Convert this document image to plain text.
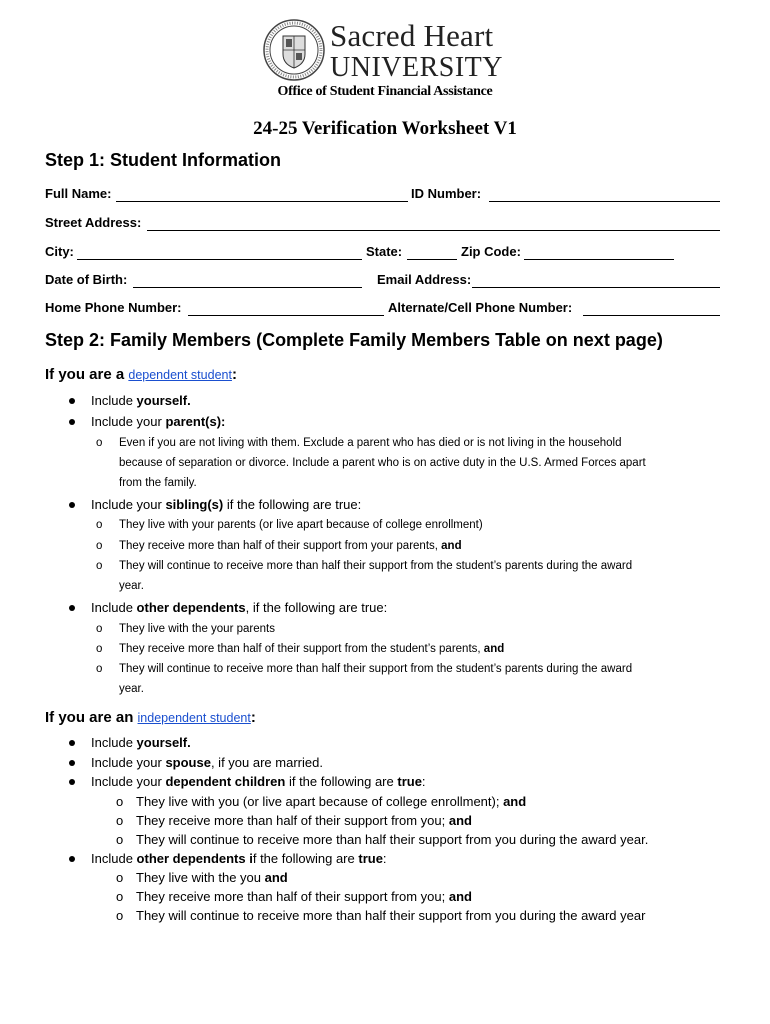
Sacred Heart
UNIVERSITY
Office of Student Financial Assistance
24-25 Verification Worksheet V1
Step 1: Student Information
Full Name:	ID Number:
Street Address:
City:	State:	Zip Code:
Date of Birth:	Email Address:
Home Phone Number:	Alternate/Cell Phone Number:
Step 2: Family Members (Complete Family Members Table on next page)
If you are a dependent student:
Include yourself.
Include your parent(s):
o Even if you are not living with them. Exclude a parent who has died or is not living in the household
because of separation or divorce. Include a parent who is on active duty in the U.S. Armed Forces apart
from the family.
Include your sibling(s) if the following are true:
o They live with your parents (or live apart because of college enrollment)
o They receive more than half of their support from your parents, and
o They will continue to receive more than half their support from the student’s parents during the award
year.
Include other dependents, if the following are true:
o They live with the your parents
o They receive more than half of their support from the student’s parents, and
o They will continue to receive more than half their support from the student’s parents during the award
year.
If you are an independent student:
Include yourself.
Include your spouse, if you are married.
Include your dependent children if the following are true:
o They live with you (or live apart because of college enrollment); and
o They receive more than half of their support from you; and
o They will continue to receive more than half their support from you during the award year.
Include other dependents if the following are true:
o They live with the you and
o They receive more than half of their support from you; and
o They will continue to receive more than half their support from you during the award year
